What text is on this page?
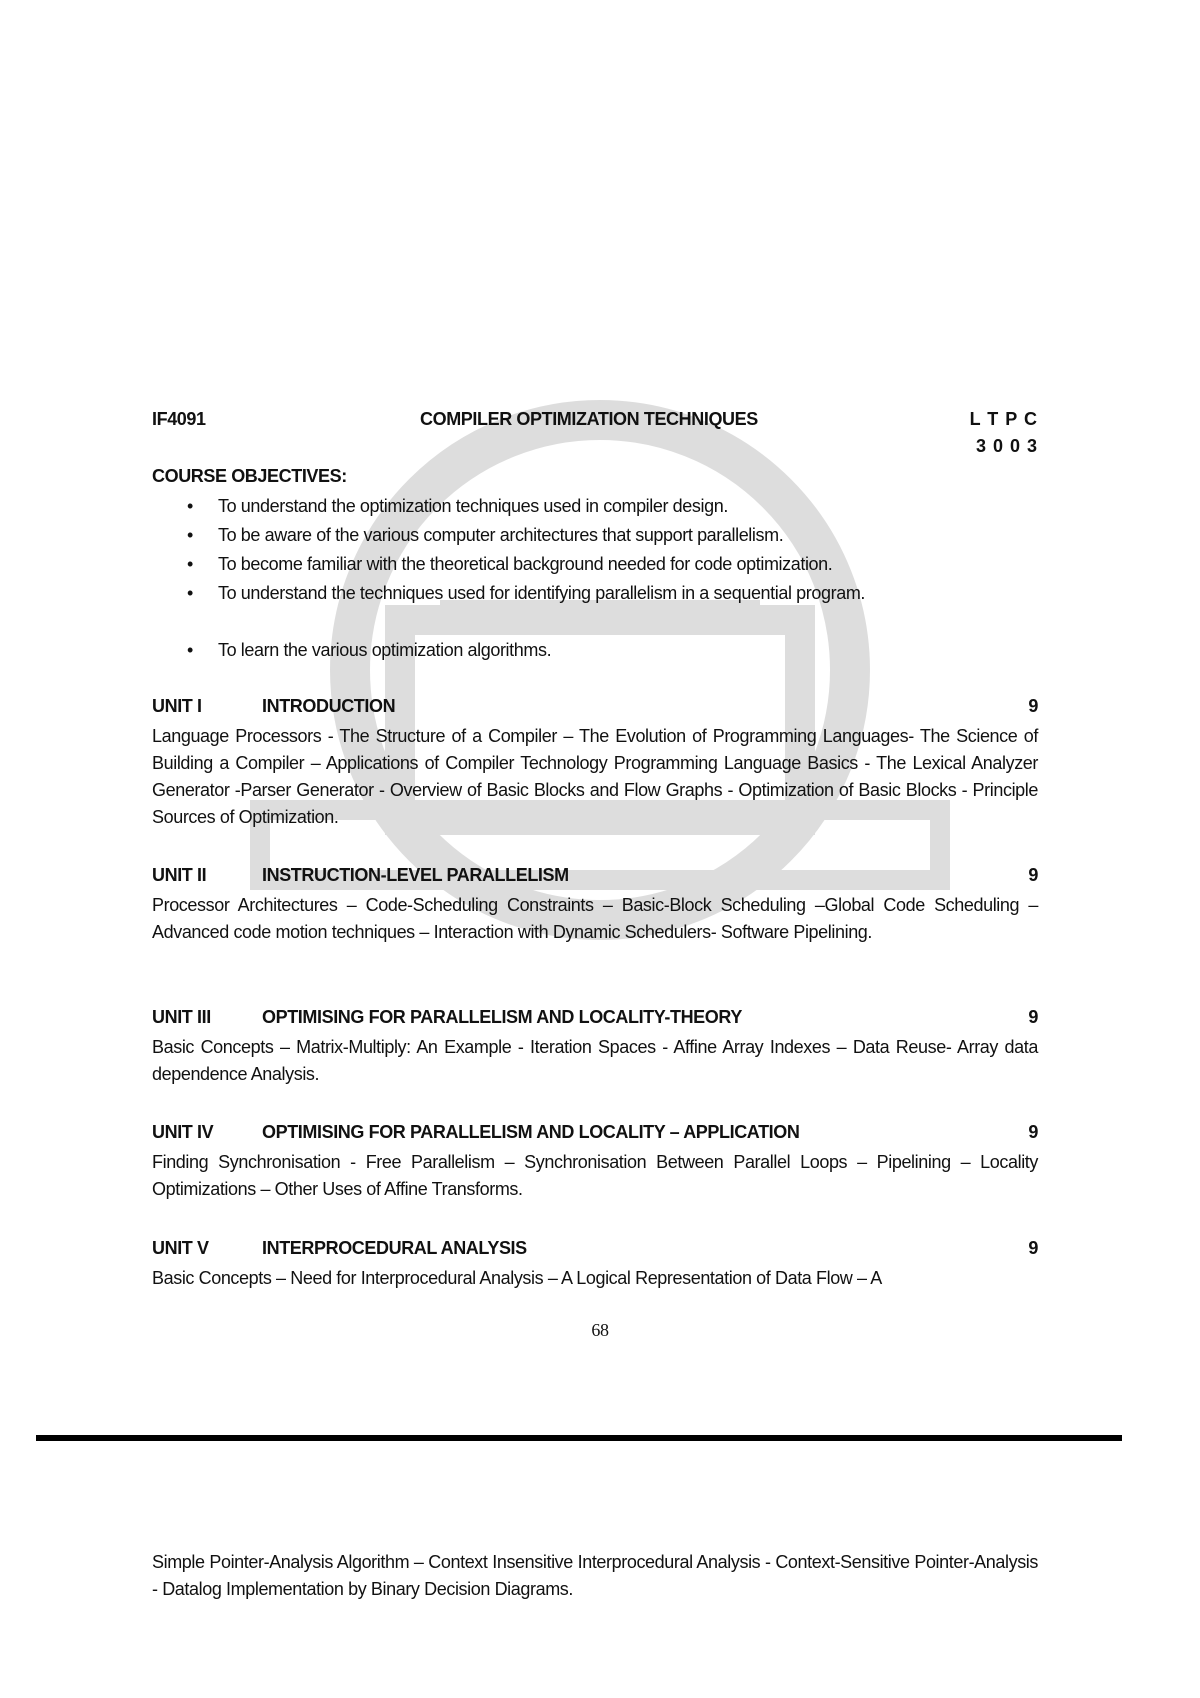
IF4091	COMPILER OPTIMIZATION TECHNIQUES	L T P C
3 0 0 3
COURSE OBJECTIVES:
• To understand the optimization techniques used in compiler design.
• To be aware of the various computer architectures that support parallelism.
• To become familiar with the theoretical background needed for code optimization.
• To understand the techniques used for identifying parallelism in a sequential program.
• To learn the various optimization algorithms.
UNIT I	INTRODUCTION	9
Language Processors - The Structure of a Compiler – The Evolution of Programming Languages- The Science of Building a Compiler – Applications of Compiler Technology Programming Language Basics - The Lexical Analyzer Generator -Parser Generator - Overview of Basic Blocks and Flow Graphs - Optimization of Basic Blocks - Principle Sources of Optimization.
UNIT II	INSTRUCTION-LEVEL PARALLELISM	9
Processor Architectures – Code-Scheduling Constraints – Basic-Block Scheduling –Global Code Scheduling – Advanced code motion techniques – Interaction with Dynamic Schedulers- Software Pipelining.
UNIT III	OPTIMISING FOR PARALLELISM AND LOCALITY-THEORY	9
Basic Concepts – Matrix-Multiply: An Example - Iteration Spaces - Affine Array Indexes – Data Reuse- Array data dependence Analysis.
UNIT IV	OPTIMISING FOR PARALLELISM AND LOCALITY – APPLICATION	9
Finding Synchronisation - Free Parallelism – Synchronisation Between Parallel Loops – Pipelining – Locality Optimizations – Other Uses of Affine Transforms.
UNIT V	INTERPROCEDURAL ANALYSIS	9
Basic Concepts – Need for Interprocedural Analysis – A Logical Representation of Data Flow – A
68
Simple Pointer-Analysis Algorithm – Context Insensitive Interprocedural Analysis - Context-Sensitive Pointer-Analysis - Datalog Implementation by Binary Decision Diagrams.
